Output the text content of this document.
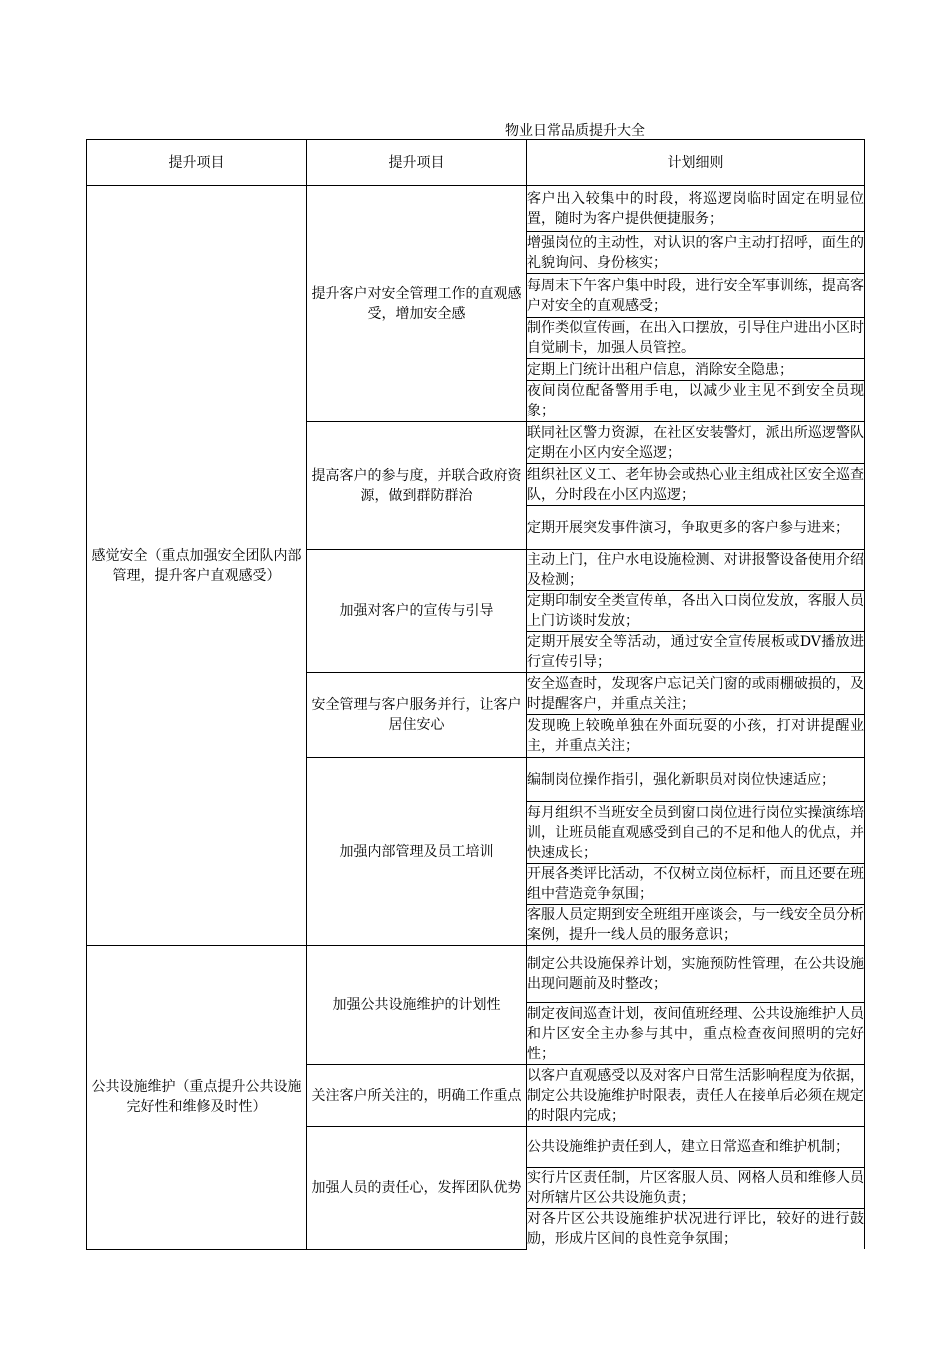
物业日常品质提升大全
提升项目	提升项目	计划细则
感觉安全（重点加强安全团队内部管理，提升客户直观感受）	提升客户对安全管理工作的直观感受，增加安全感	客户出入较集中的时段，将巡逻岗临时固定在明显位置，随时为客户提供便捷服务；
		增强岗位的主动性，对认识的客户主动打招呼，面生的礼貌询问、身份核实；
		每周末下午客户集中时段，进行安全军事训练，提高客户对安全的直观感受；
		制作类似宣传画，在出入口摆放，引导住户进出小区时自觉刷卡，加强人员管控。
		定期上门统计出租户信息，消除安全隐患；
		夜间岗位配备警用手电，以减少业主见不到安全员现象；
	提高客户的参与度，并联合政府资源，做到群防群治	联同社区警力资源，在社区安装警灯，派出所巡逻警队定期在小区内安全巡逻；
		组织社区义工、老年协会或热心业主组成社区安全巡查队，分时段在小区内巡逻；
		定期开展突发事件演习，争取更多的客户参与进来；
	加强对客户的宣传与引导	主动上门，住户水电设施检测、对讲报警设备使用介绍及检测；
		定期印制安全类宣传单，各出入口岗位发放，客服人员上门访谈时发放；
		定期开展安全等活动，通过安全宣传展板或DV播放进行宣传引导；
	安全管理与客户服务并行，让客户居住安心	安全巡查时，发现客户忘记关门窗的或雨棚破损的，及时提醒客户，并重点关注；
		发现晚上较晚单独在外面玩耍的小孩，打对讲提醒业主，并重点关注；
	加强内部管理及员工培训	编制岗位操作指引，强化新职员对岗位快速适应；
		每月组织不当班安全员到窗口岗位进行岗位实操演练培训，让班员能直观感受到自己的不足和他人的优点，并快速成长；
		开展各类评比活动，不仅树立岗位标杆，而且还要在班组中营造竞争氛围；
		客服人员定期到安全班组开座谈会，与一线安全员分析案例，提升一线人员的服务意识；
公共设施维护（重点提升公共设施完好性和维修及时性）	加强公共设施维护的计划性	制定公共设施保养计划，实施预防性管理，在公共设施出现问题前及时整改；
		制定夜间巡查计划，夜间值班经理、公共设施维护人员和片区安全主办参与其中，重点检查夜间照明的完好性；
	关注客户所关注的，明确工作重点	以客户直观感受以及对客户日常生活影响程度为依据，制定公共设施维护时限表，责任人在接单后必须在规定的时限内完成；
	加强人员的责任心，发挥团队优势	公共设施维护责任到人，建立日常巡查和维护机制；
		实行片区责任制，片区客服人员、网格人员和维修人员对所辖片区公共设施负责；
		对各片区公共设施维护状况进行评比，较好的进行鼓励，形成片区间的良性竞争氛围；
